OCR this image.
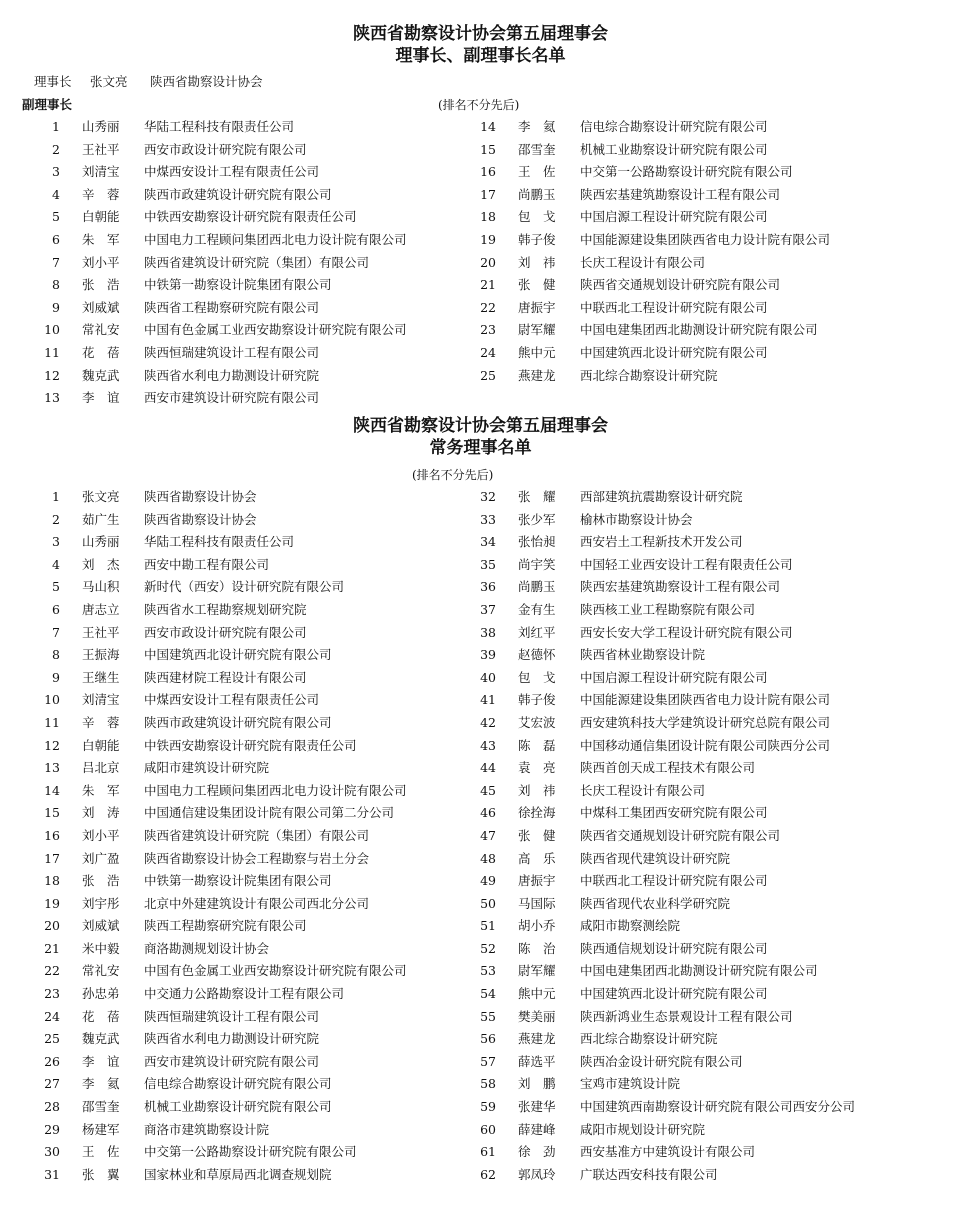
陕西省勘察设计协会第五届理事会
理事长、副理事长名单
理事长 张文亮 陕西省勘察设计协会
副理事长	(排名不分先后)
1 山秀丽 华陆工程科技有限责任公司
2 王社平 西安市政设计研究院有限公司
3 刘清宝 中煤西安设计工程有限责任公司
4 辛　蓉 陕西市政建筑设计研究院有限公司
5 白朝能 中铁西安勘察设计研究院有限责任公司
6 朱　军 中国电力工程顾问集团西北电力设计院有限公司
7 刘小平 陕西省建筑设计研究院（集团）有限公司
8 张　浩 中铁第一勘察设计院集团有限公司
9 刘威斌 陕西省工程勘察研究院有限公司
10 常礼安 中国有色金属工业西安勘察设计研究院有限公司
11 花　蓓 陕西恒瑞建筑设计工程有限公司
12 魏克武 陕西省水利电力勘测设计研究院
13 李　谊 西安市建筑设计研究院有限公司
14 李　氦 信电综合勘察设计研究院有限公司
15 邵雪奎 机械工业勘察设计研究院有限公司
16 王　佐 中交第一公路勘察设计研究院有限公司
17 尚鹏玉 陕西宏基建筑勘察设计工程有限公司
18 包　戈 中国启源工程设计研究院有限公司
19 韩子俊 中国能源建设集团陕西省电力设计院有限公司
20 刘　祎 长庆工程设计有限公司
21 张　健 陕西省交通规划设计研究院有限公司
22 唐振宇 中联西北工程设计研究院有限公司
23 尉军耀 中国电建集团西北勘测设计研究院有限公司
24 熊中元 中国建筑西北设计研究院有限公司
25 燕建龙 西北综合勘察设计研究院
陕西省勘察设计协会第五届理事会
常务理事名单
(排名不分先后)
1 张文亮 陕西省勘察设计协会
2 茹广生 陕西省勘察设计协会
3 山秀丽 华陆工程科技有限责任公司
4 刘　杰 西安中勘工程有限公司
5 马山积 新时代（西安）设计研究院有限公司
6 唐志立 陕西省水工程勘察规划研究院
7 王社平 西安市政设计研究院有限公司
8 王振海 中国建筑西北设计研究院有限公司
9 王继生 陕西建材院工程设计有限公司
10 刘清宝 中煤西安设计工程有限责任公司
11 辛　蓉 陕西市政建筑设计研究院有限公司
12 白朝能 中铁西安勘察设计研究院有限责任公司
13 吕北京 咸阳市建筑设计研究院
14 朱　军 中国电力工程顾问集团西北电力设计院有限公司
15 刘　涛 中国通信建设集团设计院有限公司第二分公司
16 刘小平 陕西省建筑设计研究院（集团）有限公司
17 刘广盈 陕西省勘察设计协会工程勘察与岩土分会
18 张　浩 中铁第一勘察设计院集团有限公司
19 刘宇彤 北京中外建建筑设计有限公司西北分公司
20 刘威斌 陕西工程勘察研究院有限公司
21 米中毅 商洛勘测规划设计协会
22 常礼安 中国有色金属工业西安勘察设计研究院有限公司
23 孙忠弟 中交通力公路勘察设计工程有限公司
24 花　蓓 陕西恒瑞建筑设计工程有限公司
25 魏克武 陕西省水利电力勘测设计研究院
26 李　谊 西安市建筑设计研究院有限公司
27 李　氦 信电综合勘察设计研究院有限公司
28 邵雪奎 机械工业勘察设计研究院有限公司
29 杨建军 商洛市建筑勘察设计院
30 王　佐 中交第一公路勘察设计研究院有限公司
31 张　翼 国家林业和草原局西北调查规划院
32 张　耀 西部建筑抗震勘察设计研究院
33 张少军 榆林市勘察设计协会
34 张怡昶 西安岩土工程新技术开发公司
35 尚宇笑 中国轻工业西安设计工程有限责任公司
36 尚鹏玉 陕西宏基建筑勘察设计工程有限公司
37 金有生 陕西核工业工程勘察院有限公司
38 刘红平 西安长安大学工程设计研究院有限公司
39 赵德怀 陕西省林业勘察设计院
40 包　戈 中国启源工程设计研究院有限公司
41 韩子俊 中国能源建设集团陕西省电力设计院有限公司
42 艾宏波 西安建筑科技大学建筑设计研究总院有限公司
43 陈　磊 中国移动通信集团设计院有限公司陕西分公司
44 袁　亮 陕西首创天成工程技术有限公司
45 刘　祎 长庆工程设计有限公司
46 徐拴海 中煤科工集团西安研究院有限公司
47 张　健 陕西省交通规划设计研究院有限公司
48 高　乐 陕西省现代建筑设计研究院
49 唐振宇 中联西北工程设计研究院有限公司
50 马国际 陕西省现代农业科学研究院
51 胡小乔 咸阳市勘察测绘院
52 陈　治 陕西通信规划设计研究院有限公司
53 尉军耀 中国电建集团西北勘测设计研究院有限公司
54 熊中元 中国建筑西北设计研究院有限公司
55 樊美丽 陕西新鸿业生态景观设计工程有限公司
56 燕建龙 西北综合勘察设计研究院
57 薛选平 陕西冶金设计研究院有限公司
58 刘　鹏 宝鸡市建筑设计院
59 张建华 中国建筑西南勘察设计研究院有限公司西安分公司
60 薛建峰 咸阳市规划设计研究院
61 徐　劲 西安基准方中建筑设计有限公司
62 郭凤玲 广联达西安科技有限公司
